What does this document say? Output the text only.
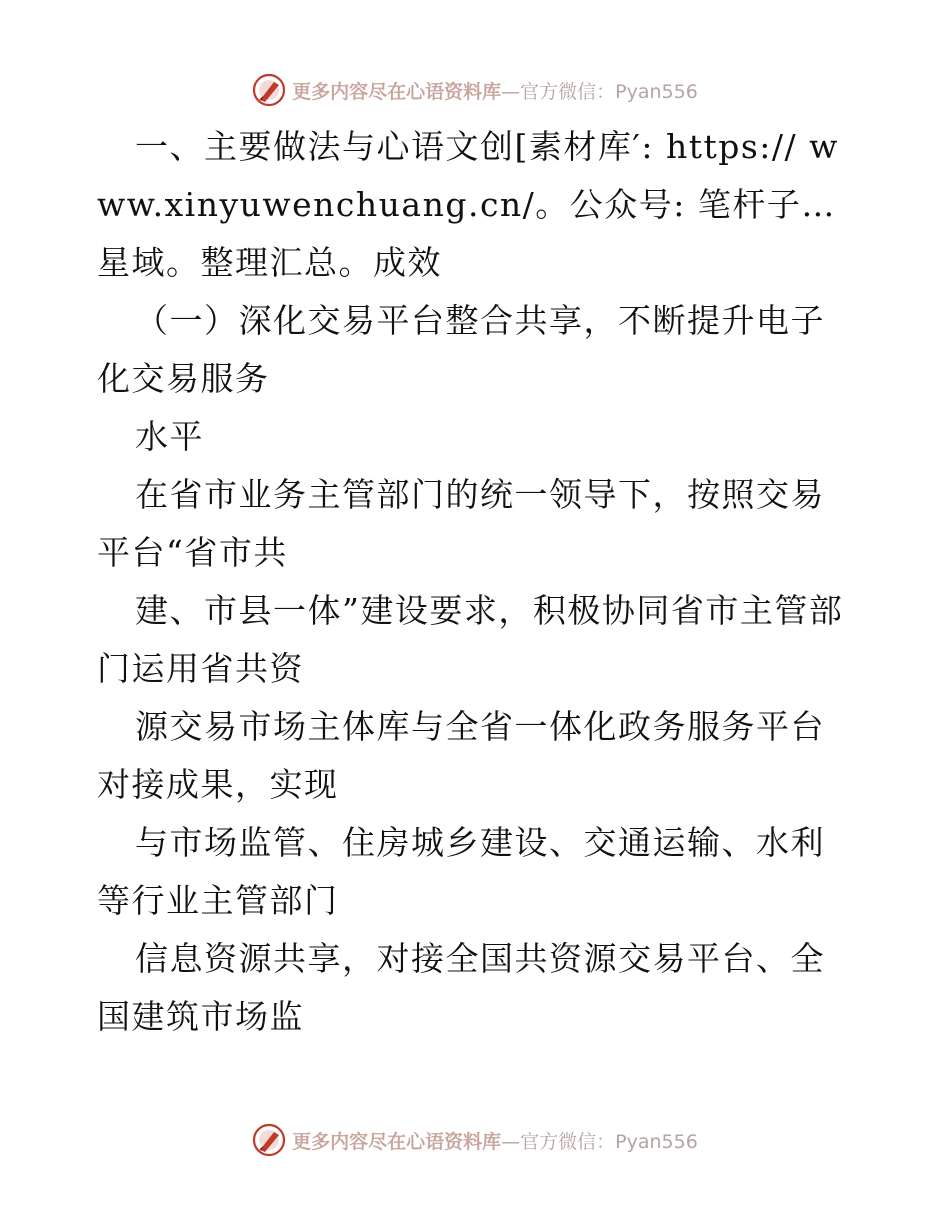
更多内容尽在心语资料库 —官方微信：Pyan556

一、主要做法与心语文创[素材库′: https:// www.xinyuwenchuang.cn/。公众号: 笔杆子…星域。整理汇总。成效

（一）深化交易平台整合共享，不断提升电子化交易服务

水平

在省市业务主管部门的统一领导下，按照交易平台“省市共

建、市县一体”建设要求，积极协同省市主管部门运用省共资

源交易市场主体库与全省一体化政务服务平台对接成果，实现

与市场监管、住房城乡建设、交通运输、水利等行业主管部门

信息资源共享，对接全国共资源交易平台、全国建筑市场监

更多内容尽在心语资料库 —官方微信：Pyan556
